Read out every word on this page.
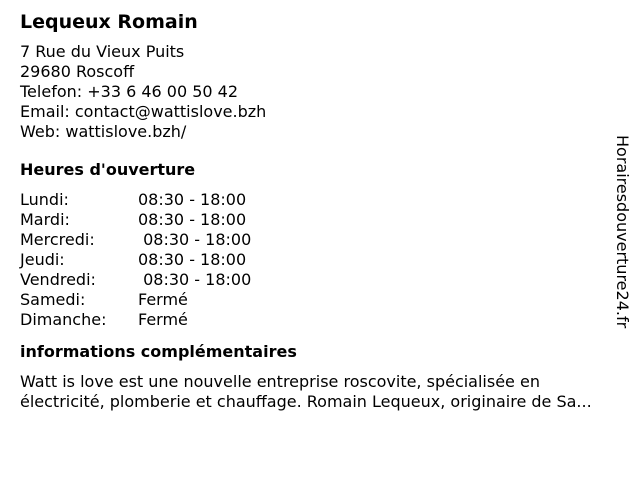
Lequeux Romain
7 Rue du Vieux Puits
29680 Roscoff
Telefon: +33 6 46 00 50 42
Email: contact@wattislove.bzh
Web: wattislove.bzh/
Heures d'ouverture
Lundi:	08:30 - 18:00
Mardi:	08:30 - 18:00
Mercredi:	08:30 - 18:00
Jeudi:	08:30 - 18:00
Vendredi:	08:30 - 18:00
Samedi:	Fermé
Dimanche:	Fermé
informations complémentaires
Watt is love est une nouvelle entreprise roscovite, spécialisée en électricité, plomberie et chauffage. Romain Lequeux, originaire de Sa...
Horairesdouverture24.fr
